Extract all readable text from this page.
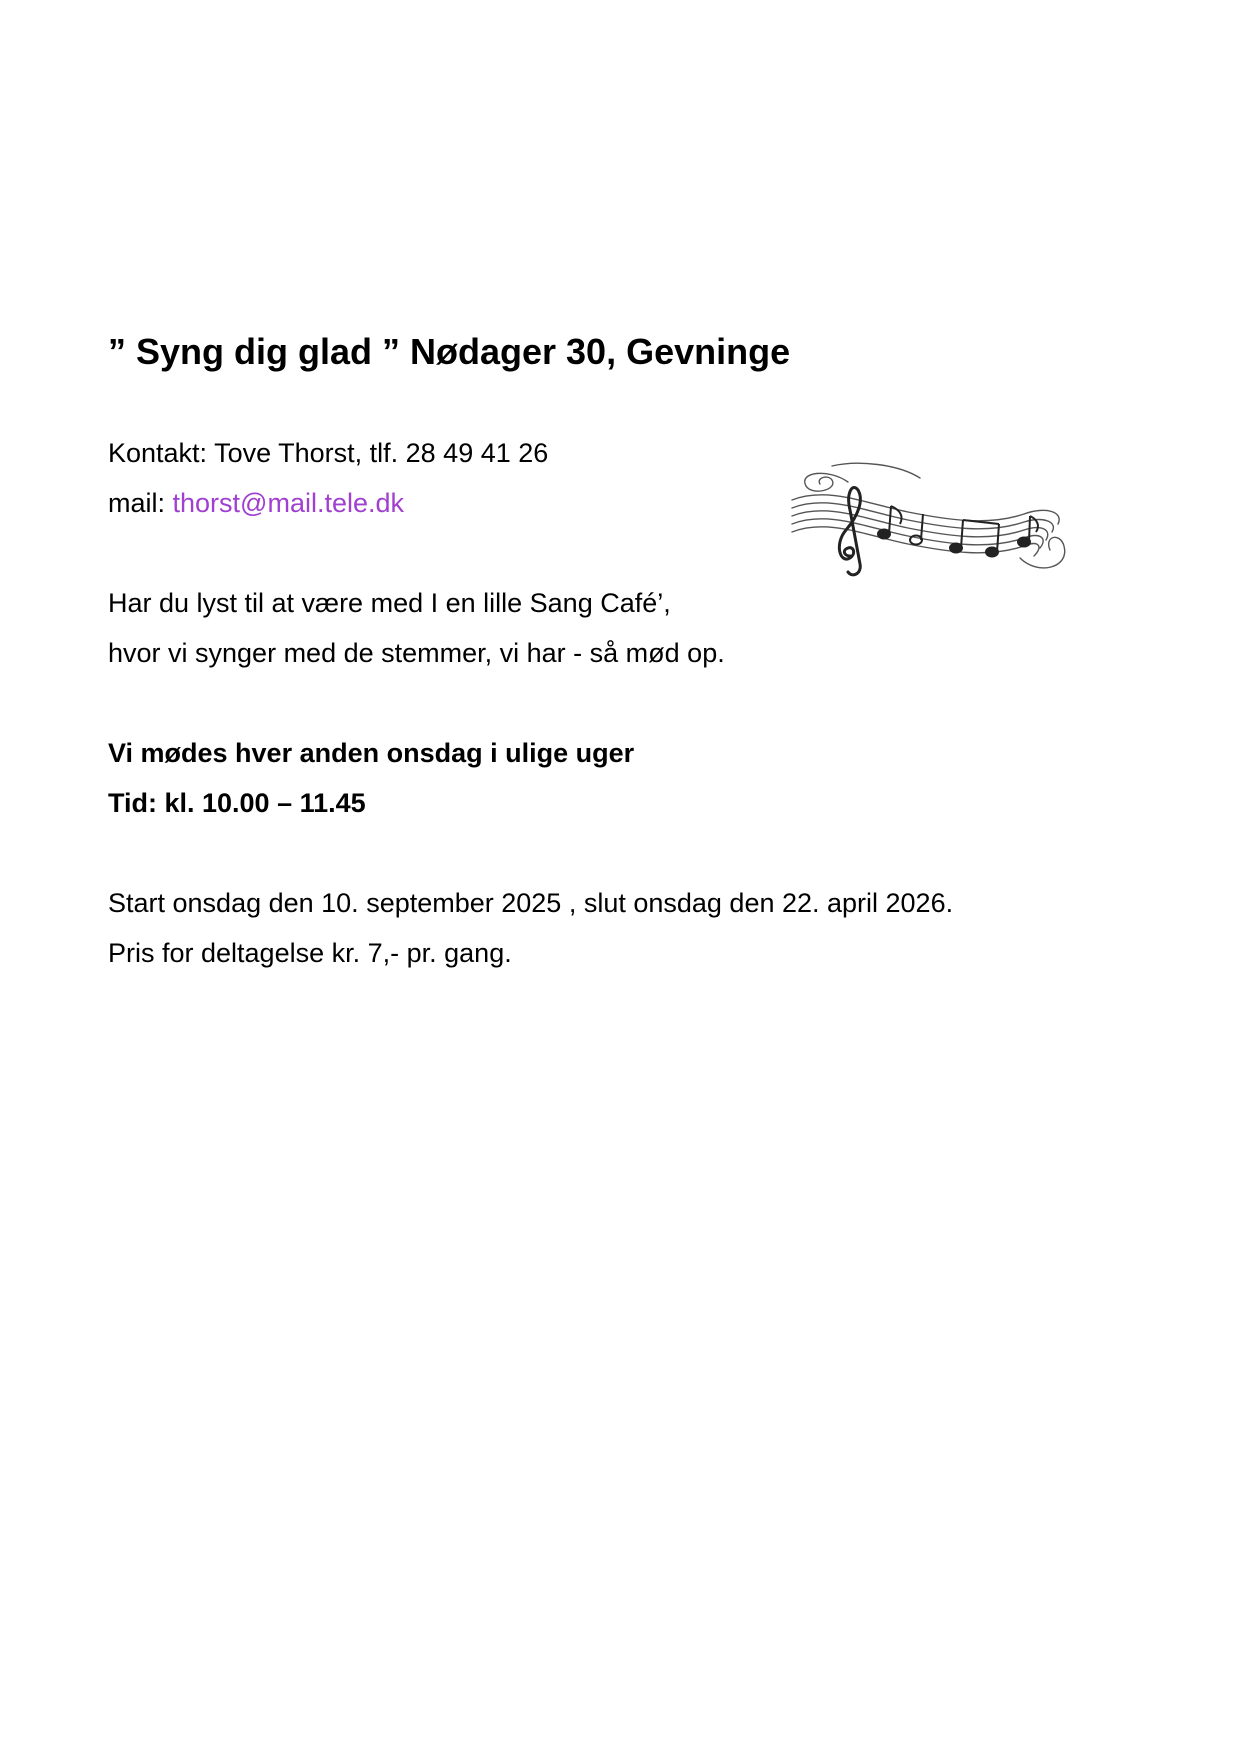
” Syng dig glad ” Nødager 30, Gevninge

Kontakt: Tove Thorst, tlf. 28 49 41 26

mail: thorst@mail.tele.dk

Har du lyst til at være med I en lille Sang Café’,

hvor vi synger med de stemmer, vi har - så mød op.

Vi mødes hver anden onsdag i ulige uger

Tid: kl. 10.00 – 11.45

Start onsdag den 10. september 2025 , slut onsdag den 22. april 2026.

Pris for deltagelse kr. 7,- pr. gang.
